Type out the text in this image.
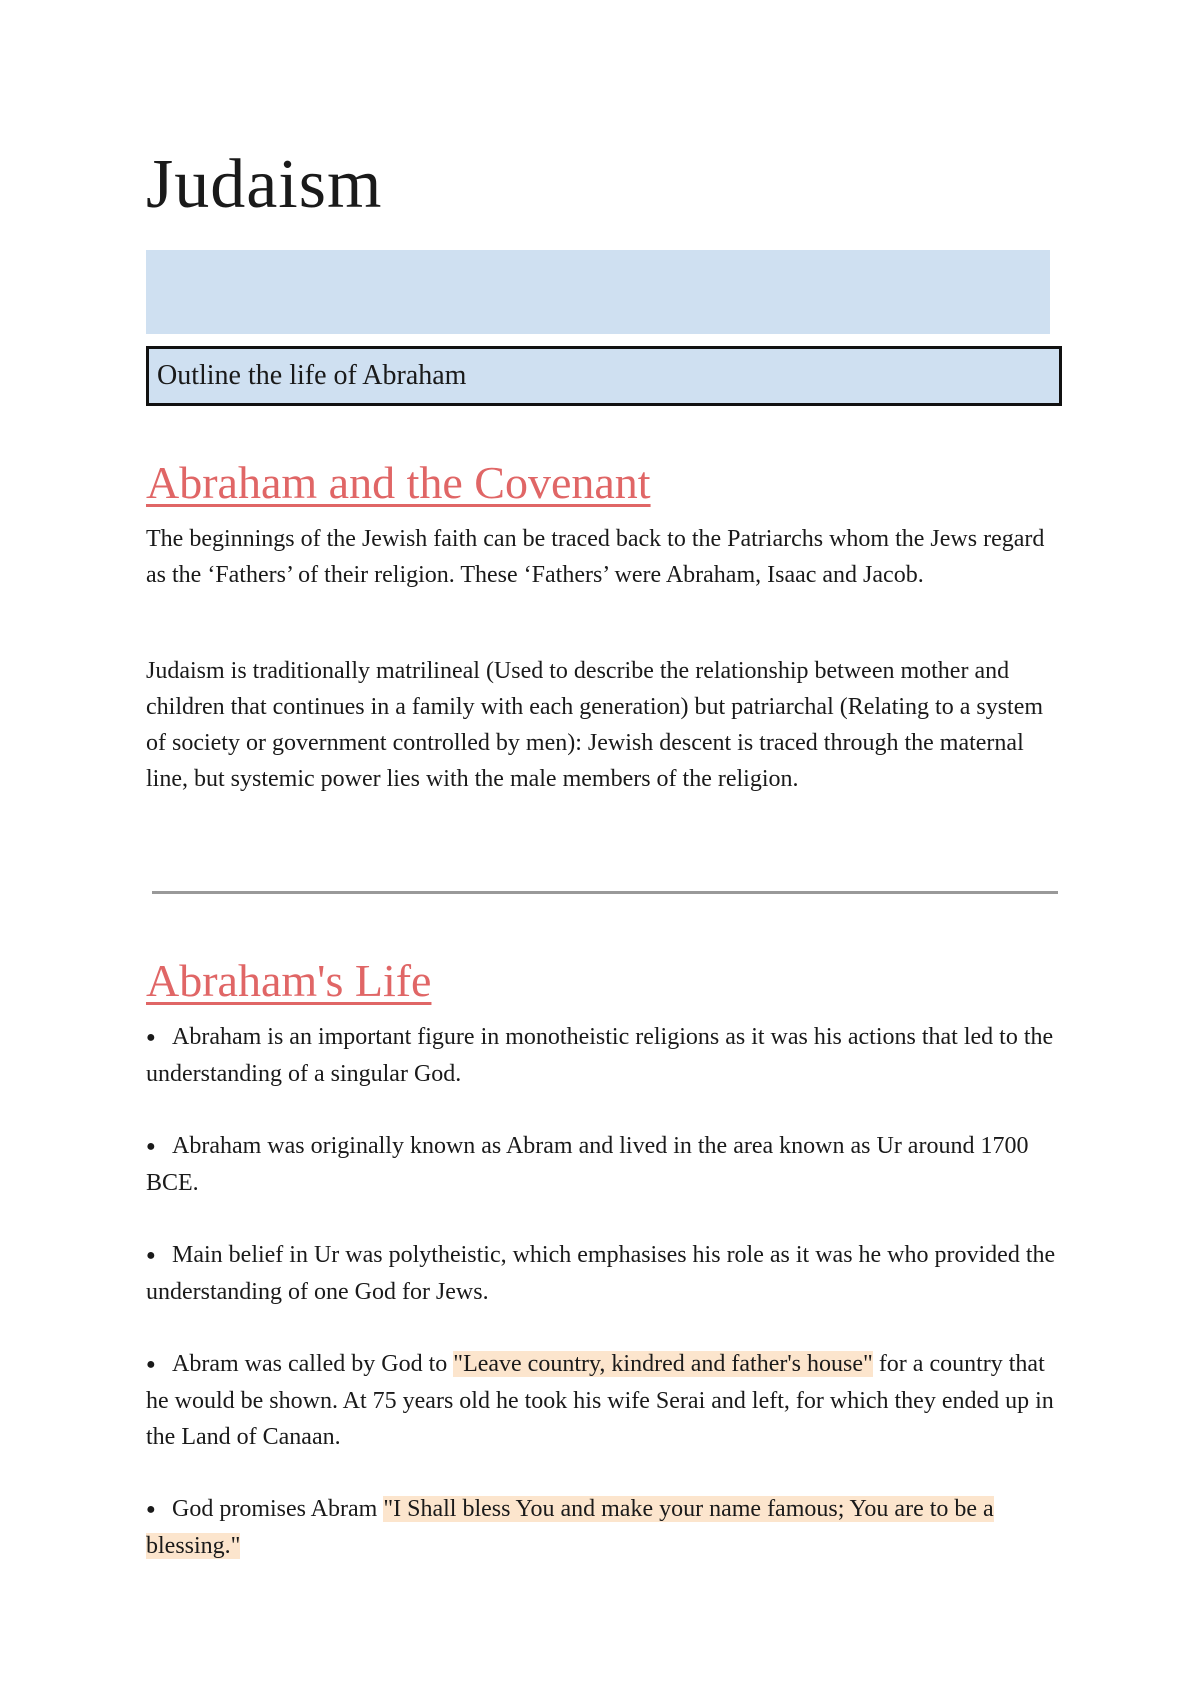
Judaism
Outline the life of Abraham
Abraham and the Covenant

The beginnings of the Jewish faith can be traced back to the Patriarchs whom the Jews regard as the ‘Fathers’ of their religion. These ‘Fathers’ were Abraham, Isaac and Jacob.

Judaism is traditionally matrilineal (Used to describe the relationship between mother and children that continues in a family with each generation) but patriarchal (Relating to a system of society or government controlled by men): Jewish descent is traced through the maternal line, but systemic power lies with the male members of the religion.

Abraham's Life
● Abraham is an important figure in monotheistic religions as it was his actions that led to the understanding of a singular God.
● Abraham was originally known as Abram and lived in the area known as Ur around 1700 BCE.
● Main belief in Ur was polytheistic, which emphasises his role as it was he who provided the understanding of one God for Jews.
● Abram was called by God to "Leave country, kindred and father's house" for a country that he would be shown. At 75 years old he took his wife Serai and left, for which they ended up in the Land of Canaan.
● God promises Abram "I Shall bless You and make your name famous; You are to be a blessing."
